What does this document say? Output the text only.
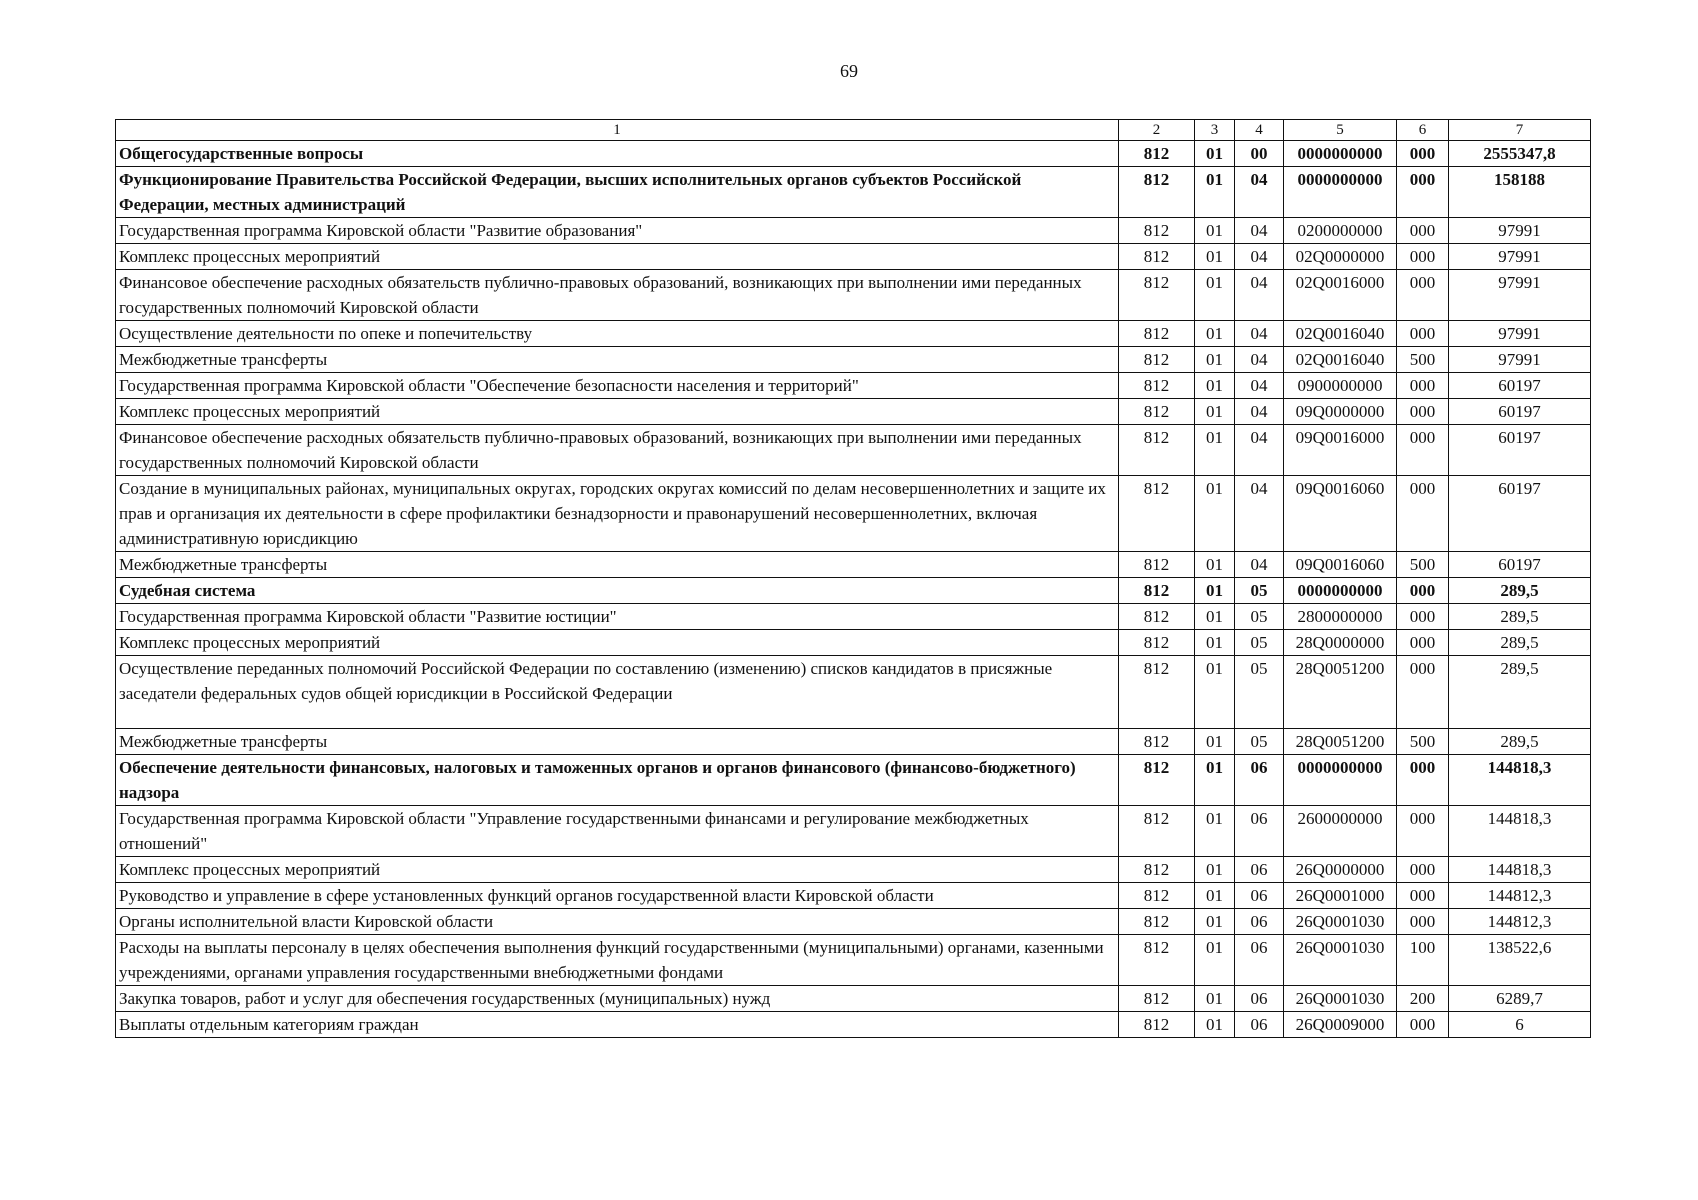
69
1	2	3	4	5	6	7
Общегосударственные вопросы	812	01	00	0000000000	000	2555347,8
Функционирование Правительства Российской Федерации, высших исполнительных органов субъектов Российской Федерации, местных администраций	812	01	04	0000000000	000	158188
Государственная программа Кировской области "Развитие образования"	812	01	04	0200000000	000	97991
Комплекс процессных мероприятий	812	01	04	02Q0000000	000	97991
Финансовое обеспечение расходных обязательств публично-правовых образований, возникающих при выполнении ими переданных государственных полномочий Кировской области	812	01	04	02Q0016000	000	97991
Осуществление деятельности по опеке и попечительству	812	01	04	02Q0016040	000	97991
Межбюджетные трансферты	812	01	04	02Q0016040	500	97991
Государственная программа Кировской области "Обеспечение безопасности населения и территорий"	812	01	04	0900000000	000	60197
Комплекс процессных мероприятий	812	01	04	09Q0000000	000	60197
Финансовое обеспечение расходных обязательств публично-правовых образований, возникающих при выполнении ими переданных государственных полномочий Кировской области	812	01	04	09Q0016000	000	60197
Создание в муниципальных районах, муниципальных округах, городских округах комиссий по делам несовершеннолетних и защите их прав и организация их деятельности в сфере профилактики безнадзорности и правонарушений несовершеннолетних, включая административную юрисдикцию	812	01	04	09Q0016060	000	60197
Межбюджетные трансферты	812	01	04	09Q0016060	500	60197
Судебная система	812	01	05	0000000000	000	289,5
Государственная программа Кировской области "Развитие юстиции"	812	01	05	2800000000	000	289,5
Комплекс процессных мероприятий	812	01	05	28Q0000000	000	289,5
Осуществление переданных полномочий Российской Федерации по составлению (изменению) списков кандидатов в присяжные заседатели федеральных судов общей юрисдикции в Российской Федерации	812	01	05	28Q0051200	000	289,5
Межбюджетные трансферты	812	01	05	28Q0051200	500	289,5
Обеспечение деятельности финансовых, налоговых и таможенных органов и органов финансового (финансово-бюджетного) надзора	812	01	06	0000000000	000	144818,3
Государственная программа Кировской области "Управление государственными финансами и регулирование межбюджетных отношений"	812	01	06	2600000000	000	144818,3
Комплекс процессных мероприятий	812	01	06	26Q0000000	000	144818,3
Руководство и управление в сфере установленных функций органов государственной власти Кировской области	812	01	06	26Q0001000	000	144812,3
Органы исполнительной власти Кировской области	812	01	06	26Q0001030	000	144812,3
Расходы на выплаты персоналу в целях обеспечения выполнения функций государственными (муниципальными) органами, казенными учреждениями, органами управления государственными внебюджетными фондами	812	01	06	26Q0001030	100	138522,6
Закупка товаров, работ и услуг для обеспечения государственных (муниципальных) нужд	812	01	06	26Q0001030	200	6289,7
Выплаты отдельным категориям граждан	812	01	06	26Q0009000	000	6
